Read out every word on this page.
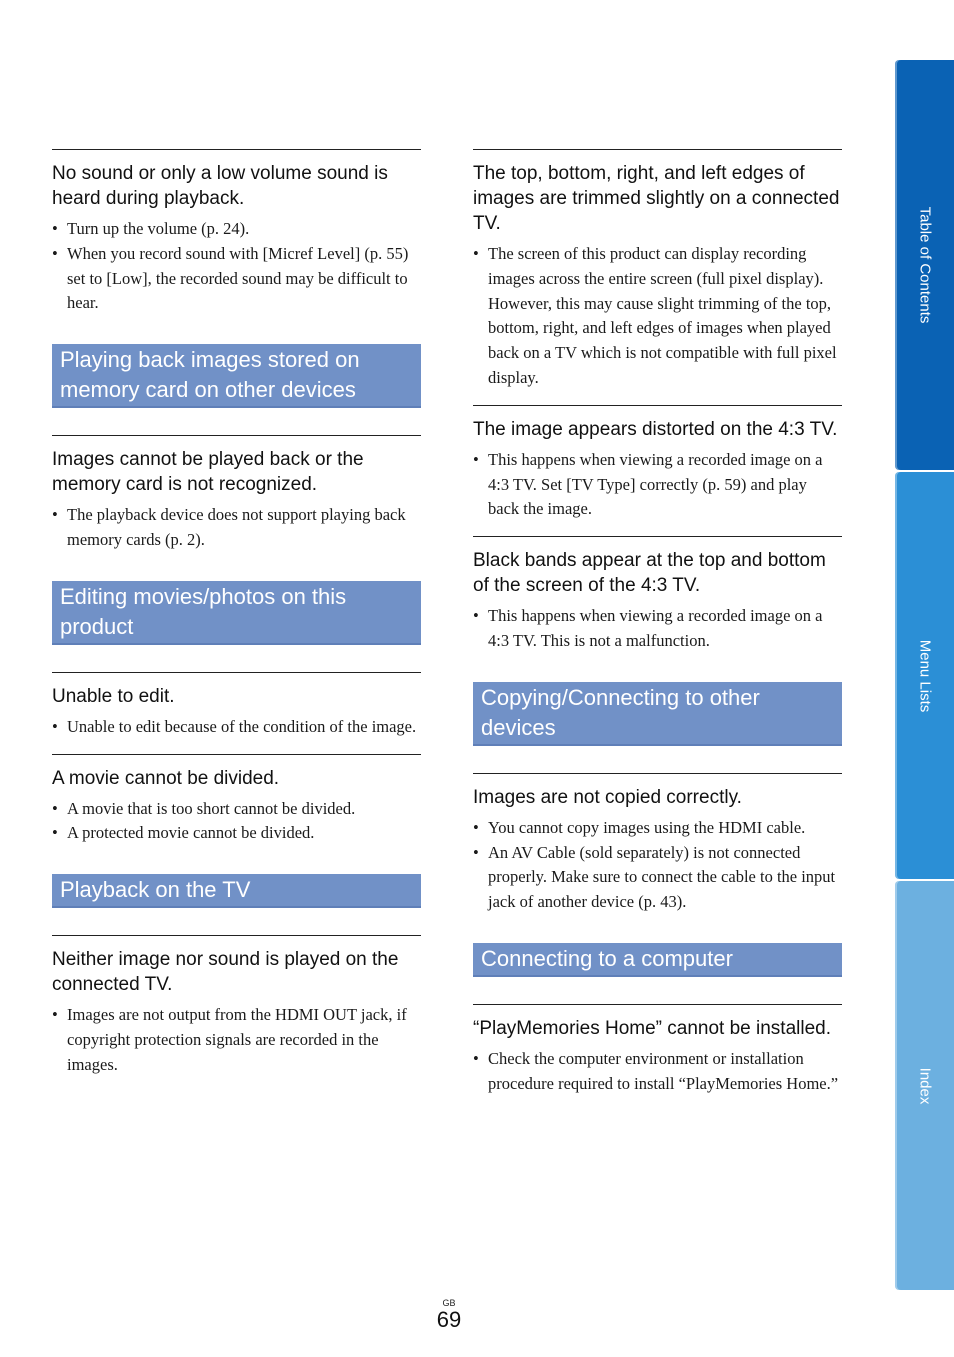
No sound or only a low volume sound is heard during playback.
• Turn up the volume (p. 24).
• When you record sound with [Micref Level] (p. 55) set to [Low], the recorded sound may be difficult to hear.
Playing back images stored on memory card on other devices
Images cannot be played back or the memory card is not recognized.
• The playback device does not support playing back memory cards (p. 2).
Editing movies/photos on this product
Unable to edit.
• Unable to edit because of the condition of the image.
A movie cannot be divided.
• A movie that is too short cannot be divided.
• A protected movie cannot be divided.
Playback on the TV
Neither image nor sound is played on the connected TV.
• Images are not output from the HDMI OUT jack, if copyright protection signals are recorded in the images.
The top, bottom, right, and left edges of images are trimmed slightly on a connected TV.
• The screen of this product can display recording images across the entire screen (full pixel display). However, this may cause slight trimming of the top, bottom, right, and left edges of images when played back on a TV which is not compatible with full pixel display.
The image appears distorted on the 4:3 TV.
• This happens when viewing a recorded image on a 4:3 TV. Set [TV Type] correctly (p. 59) and play back the image.
Black bands appear at the top and bottom of the screen of the 4:3 TV.
• This happens when viewing a recorded image on a 4:3 TV. This is not a malfunction.
Copying/Connecting to other devices
Images are not copied correctly.
• You cannot copy images using the HDMI cable.
• An AV Cable (sold separately) is not connected properly. Make sure to connect the cable to the input jack of another device (p. 43).
Connecting to a computer
“PlayMemories Home” cannot be installed.
• Check the computer environment or installation procedure required to install “PlayMemories Home.”
Table of Contents
Menu Lists
Index
GB
69
